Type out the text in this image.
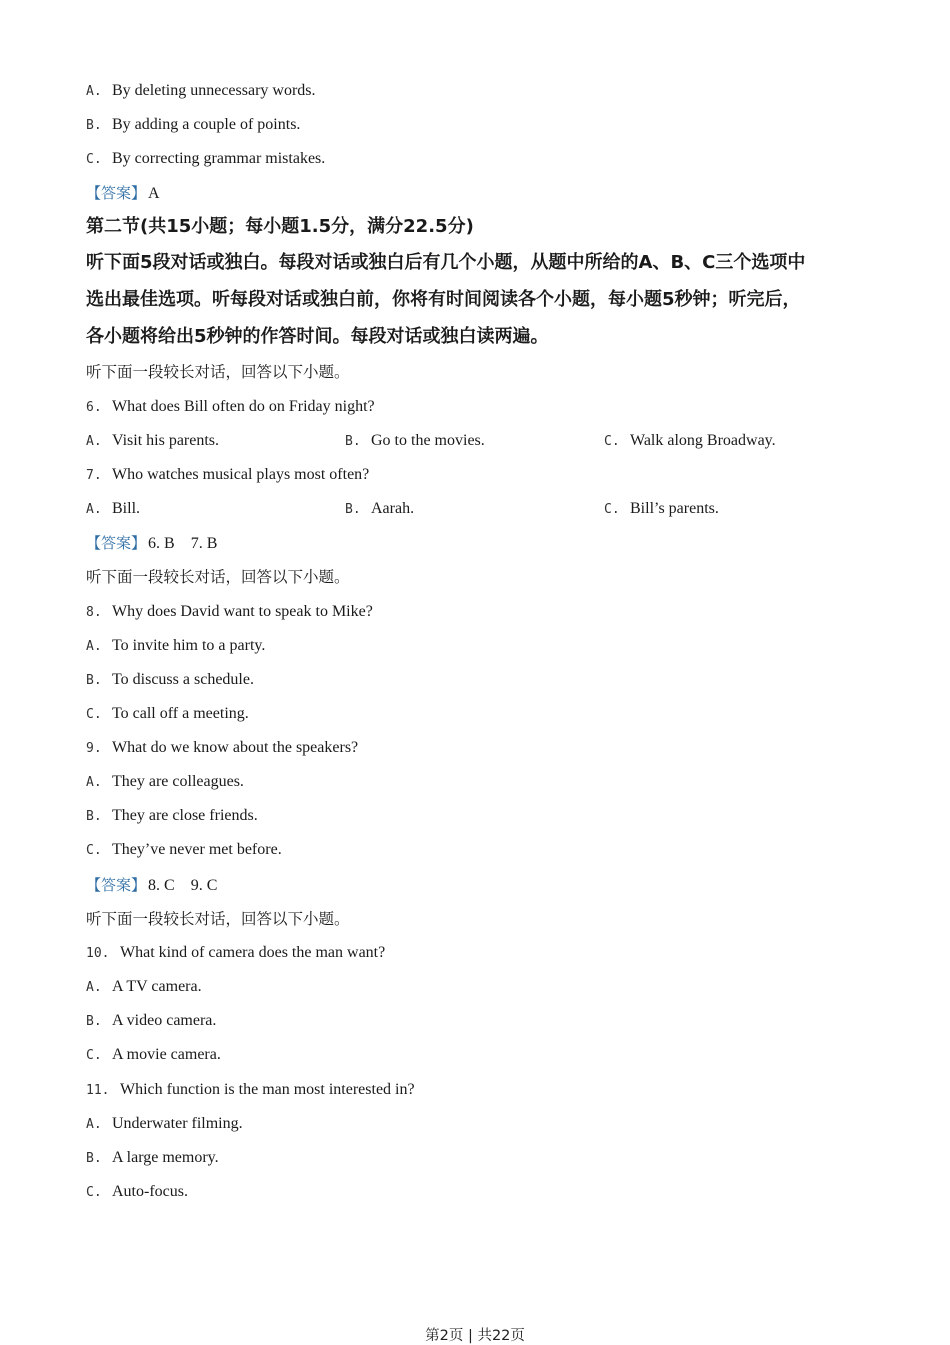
A. By deleting unnecessary words.
B. By adding a couple of points.
C. By correcting grammar mistakes.
【答案】 A
第二节(共15小题；每小题1.5分，满分22.5分)
听下面5段对话或独白。每段对话或独白后有几个小题，从题中所给的A、B、C三个选项中
选出最佳选项。听每段对话或独白前，你将有时间阅读各个小题，每小题5秒钟；听完后，
各小题将给出5秒钟的作答时间。每段对话或独白读两遍。
听下面一段较长对话，回答以下小题。
6. What does Bill often do on Friday night?
A. Visit his parents.	B. Go to the movies.	C. Walk along Broadway.
7. Who watches musical plays most often?
A. Bill.	B. Aarah.	C. Bill’s parents.
【答案】 6. B    7. B
听下面一段较长对话，回答以下小题。
8. Why does David want to speak to Mike?
A. To invite him to a party.
B. To discuss a schedule.
C. To call off a meeting.
9. What do we know about the speakers?
A. They are colleagues.
B. They are close friends.
C. They’ve never met before.
【答案】 8. C    9. C
听下面一段较长对话，回答以下小题。
10. What kind of camera does the man want?
A. A TV camera.
B. A video camera.
C. A movie camera.
11. Which function is the man most interested in?
A. Underwater filming.
B. A large memory.
C. Auto-focus.
第2页 | 共22页
